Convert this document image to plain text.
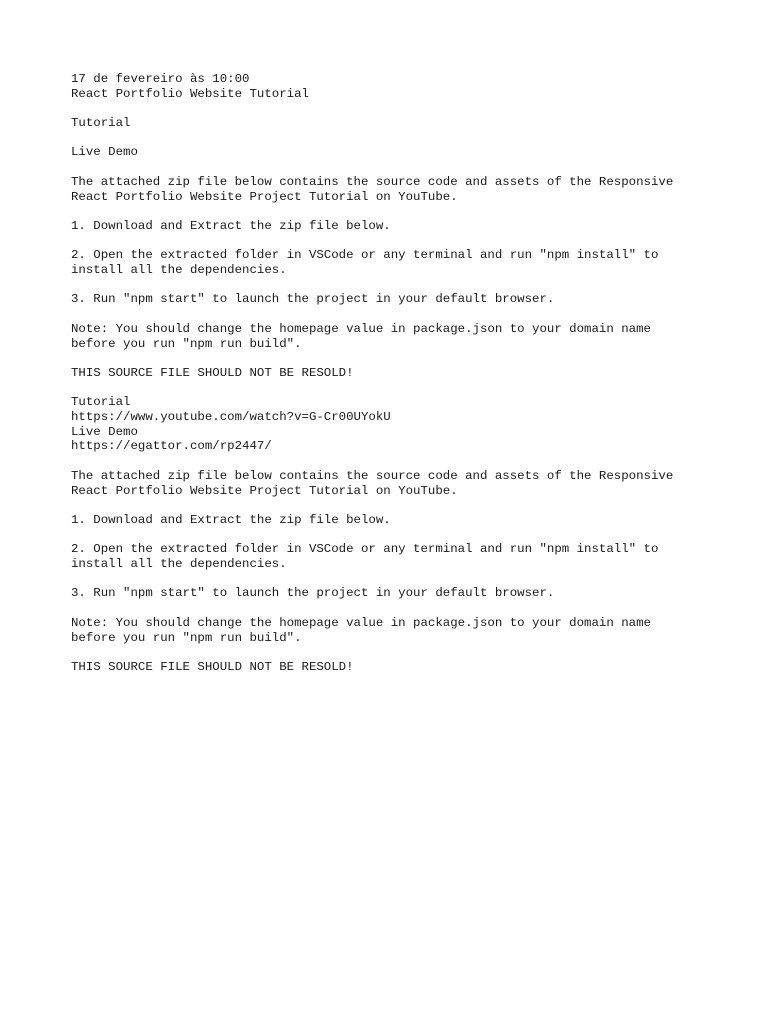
17 de fevereiro às 10:00
React Portfolio Website Tutorial
Tutorial
Live Demo
The attached zip file below contains the source code and assets of the Responsive
React Portfolio Website Project Tutorial on YouTube.
1. Download and Extract the zip file below.
2. Open the extracted folder in VSCode or any terminal and run "npm install" to
install all the dependencies.
3. Run "npm start" to launch the project in your default browser.
Note: You should change the homepage value in package.json to your domain name
before you run "npm run build".
THIS SOURCE FILE SHOULD NOT BE RESOLD!
Tutorial
https://www.youtube.com/watch?v=G-Cr00UYokU
Live Demo
https://egattor.com/rp2447/
The attached zip file below contains the source code and assets of the Responsive
React Portfolio Website Project Tutorial on YouTube.
1. Download and Extract the zip file below.
2. Open the extracted folder in VSCode or any terminal and run "npm install" to
install all the dependencies.
3. Run "npm start" to launch the project in your default browser.
Note: You should change the homepage value in package.json to your domain name
before you run "npm run build".
THIS SOURCE FILE SHOULD NOT BE RESOLD!
